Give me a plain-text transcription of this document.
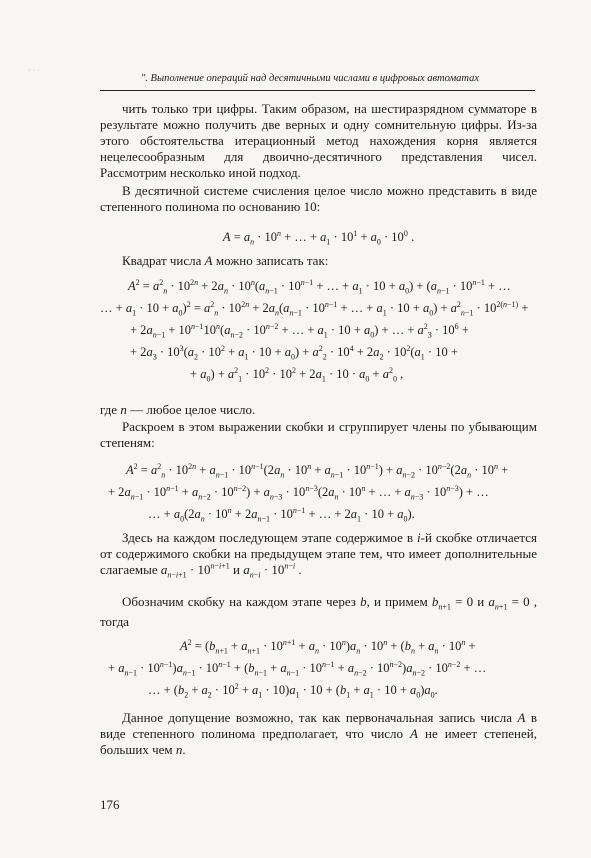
· · ·
″. Выполнение операций над десятичными числами в цифровых автоматах
чить только три цифры. Таким образом, на шестиразрядном сумматоре в результате можно получить две верных и одну сомнительную цифры. Из-за этого обстоятельства итерационный метод нахождения корня является нецелесообразным для двоично-десятичного представления чисел. Рассмотрим несколько иной подход.
В десятичной системе счисления целое число можно представить в виде степенного полинома по основанию 10:
$A = a_n \cdot 10^n$ + … + $a_1 \cdot 10^1 + a_0 \cdot 10^0$ .
Квадрат числа A можно записать так:
$A^2 = a^2_n \cdot 10^{2n} + 2a_n \cdot 10^n(a_{n-1} \cdot 10^{n-1}$ + … + $a_1 \cdot 10 + a_0) + (a_{n-1} \cdot 10^{n-1}$ + …
… + $a_1 \cdot 10 + a_0)^2 = a^2_n \cdot 10^{2n} + 2a_n(a_{n-1} \cdot 10^{n-1}$ + … + $a_1 \cdot 10 + a_0) + a^2_{n-1} \cdot 10^{2(n-1)}$ +
+ $2a_{n-1} + 10^{n-1}10^n(a_{n-2} \cdot 10^{n-2}$ + … + $a_1 \cdot 10 + a_0$) + … + $a^2_3 \cdot 10^6$ +
+ $2a_3 \cdot 10^3(a_2 \cdot 10^2 + a_1 \cdot 10 + a_0) + a^2_2 \cdot 10^4 + 2a_2 \cdot 10^2(a_1 \cdot 10$ +
+ $a_0) + a^2_1 \cdot 10^2 \cdot 10^2 + 2a_1 \cdot 10 \cdot a_0 + a^2_0$ ,
где n — любое целое число.
Раскроем в этом выражении скобки и сгруппирует члены по убывающим степеням:
$A^2 = a^2_n \cdot 10^{2n} + a_{n-1} \cdot 10^{n-1}(2a_n \cdot 10^n + a_{n-1} \cdot 10^{n-1}) + a_{n-2} \cdot 10^{n-2}(2a_n \cdot 10^n$ +
+ $2a_{n-1} \cdot 10^{n-1} + a_{n-2} \cdot 10^{n-2}) + a_{n-3} \cdot 10^{n-3}(2a_n \cdot 10^n$ + … + $a_{n-3} \cdot 10^{n-3}$) + …
… + $a_0(2a_n \cdot 10^n + 2a_{n-1} \cdot 10^{n-1}$ + … + $2a_1 \cdot 10 + a_0$).
Здесь на каждом последующем этапе содержимое в i-й скобке отличается от содержимого скобки на предыдущем этапе тем, что имеет дополнительные слагаемые $a_{n-i+1} \cdot 10^{n-i+1}$ и $a_{n-i} \cdot 10^{n-i}$ .
Обозначим скобку на каждом этапе через b, и примем $b_{n+1} = 0$ и $a_{n+1} = 0$ , тогда
$A^2 = (b_{n+1} + a_{n+1} \cdot 10^{n+1} + a_n \cdot 10^n)a_n \cdot 10^n + (b_n + a_n \cdot 10^n$ +
+ $a_{n-1} \cdot 10^{n-1})a_{n-1} \cdot 10^{n-1} + (b_{n-1} + a_{n-1} \cdot 10^{n-1} + a_{n-2} \cdot 10^{n-2})a_{n-2} \cdot 10^{n-2}$ + …
… + $(b_2 + a_2 \cdot 10^2 + a_1 \cdot 10)a_1 \cdot 10 + (b_1 + a_1 \cdot 10 + a_0)a_0$.
Данное допущение возможно, так как первоначальная запись числа A в виде степенного полинома предполагает, что число A не имеет степеней, больших чем n.
176
